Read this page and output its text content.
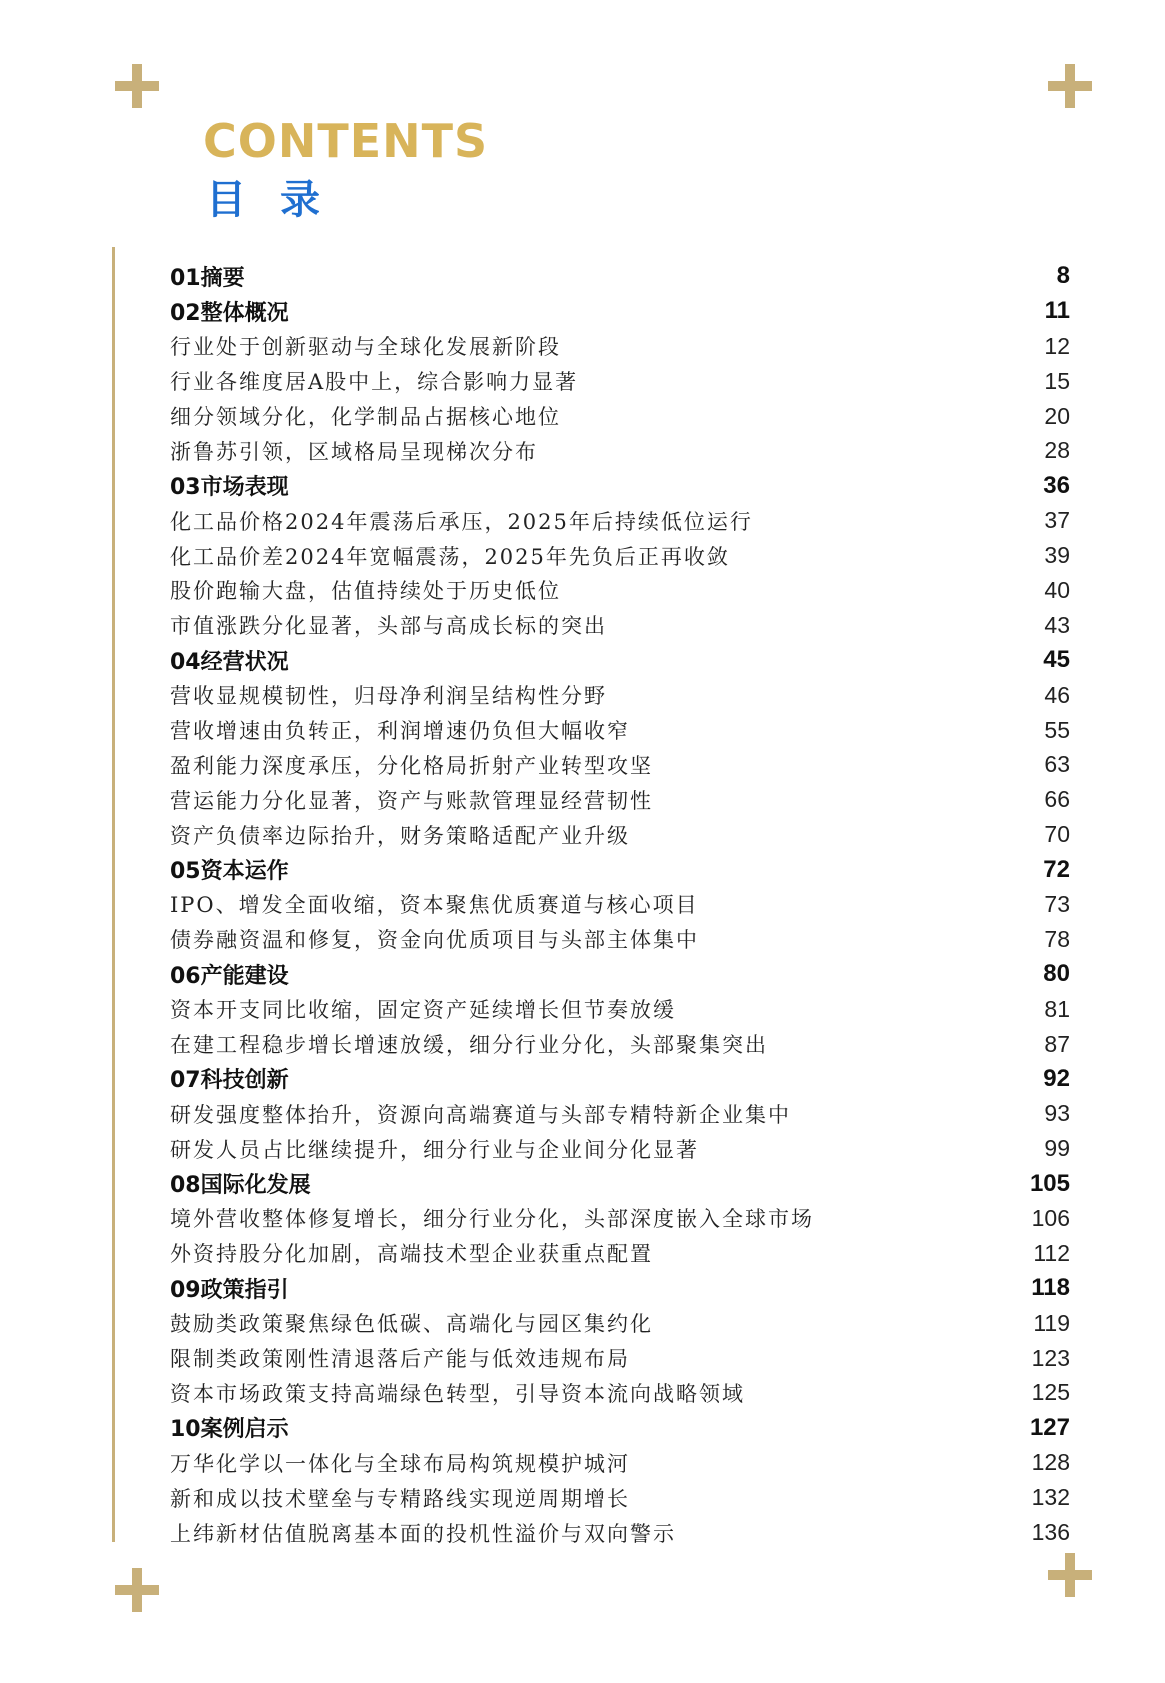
CONTENTS
目录
01摘要	8
02整体概况	11
行业处于创新驱动与全球化发展新阶段	12
行业各维度居A股中上，综合影响力显著	15
细分领域分化，化学制品占据核心地位	20
浙鲁苏引领，区域格局呈现梯次分布	28
03市场表现	36
化工品价格2024年震荡后承压，2025年后持续低位运行	37
化工品价差2024年宽幅震荡，2025年先负后正再收敛	39
股价跑输大盘，估值持续处于历史低位	40
市值涨跌分化显著，头部与高成长标的突出	43
04经营状况	45
营收显规模韧性，归母净利润呈结构性分野	46
营收增速由负转正，利润增速仍负但大幅收窄	55
盈利能力深度承压，分化格局折射产业转型攻坚	63
营运能力分化显著，资产与账款管理显经营韧性	66
资产负债率边际抬升，财务策略适配产业升级	70
05资本运作	72
IPO、增发全面收缩，资本聚焦优质赛道与核心项目	73
债券融资温和修复，资金向优质项目与头部主体集中	78
06产能建设	80
资本开支同比收缩，固定资产延续增长但节奏放缓	81
在建工程稳步增长增速放缓，细分行业分化，头部聚集突出	87
07科技创新	92
研发强度整体抬升，资源向高端赛道与头部专精特新企业集中	93
研发人员占比继续提升，细分行业与企业间分化显著	99
08国际化发展	105
境外营收整体修复增长，细分行业分化，头部深度嵌入全球市场	106
外资持股分化加剧，高端技术型企业获重点配置	112
09政策指引	118
鼓励类政策聚焦绿色低碳、高端化与园区集约化	119
限制类政策刚性清退落后产能与低效违规布局	123
资本市场政策支持高端绿色转型，引导资本流向战略领域	125
10案例启示	127
万华化学以一体化与全球布局构筑规模护城河	128
新和成以技术壁垒与专精路线实现逆周期增长	132
上纬新材估值脱离基本面的投机性溢价与双向警示	136
